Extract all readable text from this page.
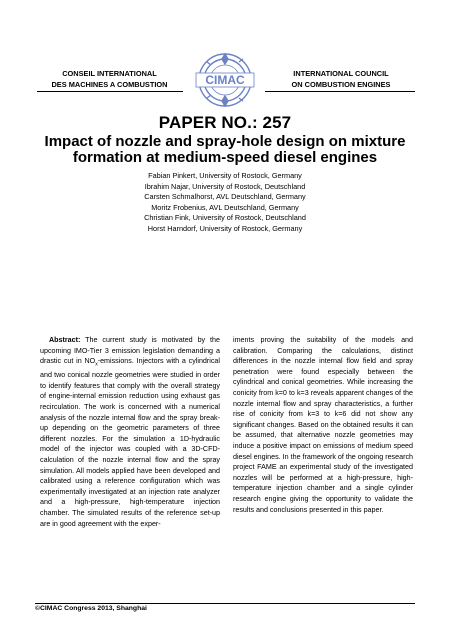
CONSEIL INTERNATIONAL
DES MACHINES A COMBUSTION	CIMAC	INTERNATIONAL COUNCIL
ON COMBUSTION ENGINES
PAPER NO.: 257
Impact of nozzle and spray-hole design on mixture
formation at medium-speed diesel engines
Fabian Pinkert, University of Rostock, Germany
Ibrahim Najar, University of Rostock, Deutschland
Carsten Schmalhorst, AVL Deutschland, Germany
Moritz Frobenius, AVL Deutschland, Germany
Christian Fink, University of Rostock, Deutschland
Horst Harndorf, University of Rostock, Germany
Abstract: The current study is motivated by the upcoming IMO-Tier 3 emission legislation demanding a drastic cut in $NO_x$-emissions. Injectors with a cylindrical and two conical nozzle geometries were studied in order to identify features that comply with the overall strategy of engine-internal emission reduction using exhaust gas recirculation. The work is concerned with a numerical analysis of the nozzle internal flow and the spray break-up depending on the geometric parameters of three different nozzles. For the simulation a 1D-hydraulic model of the injector was coupled with a 3D-CFD-calculation of the nozzle internal flow and the spray simulation. All models applied have been developed and calibrated using a reference configuration which was experimentally investigated at an injection rate analyzer and a high-pressure, high-temperature injection chamber. The simulated results of the reference set-up are in good agreement with the exper-
iments proving the suitability of the models and calibration. Comparing the calculations, distinct differences in the nozzle internal flow field and spray penetration were found especially between the cylindrical and conical geometries. While increasing the conicity from k=0 to k=3 reveals apparent changes of the nozzle internal flow and spray characteristics, a further rise of conicity from k=3 to k=6 did not show any significant changes. Based on the obtained results it can be assumed, that alternative nozzle geometries may induce a positive impact on emissions of medium speed diesel engines. In the framework of the ongoing research project FAME an experimental study of the investigated nozzles will be performed at a high-pressure, high-temperature injection chamber and a single cylinder research engine giving the opportunity to validate the results and conclusions presented in this paper.
©CIMAC Congress 2013, Shanghai
